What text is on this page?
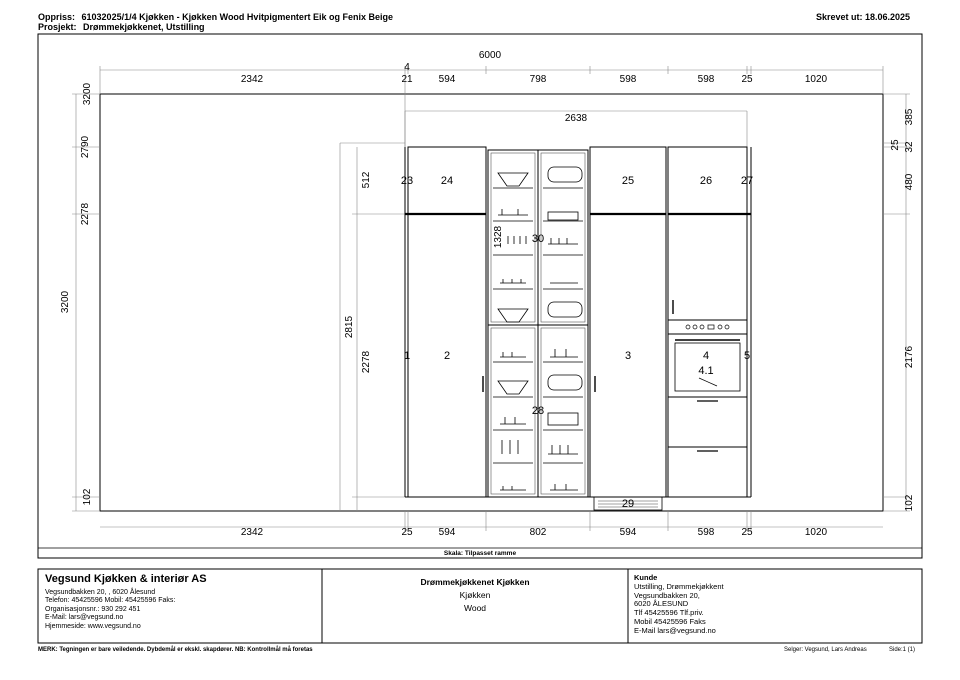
Oppriss: 61032025/1/4 Kjøkken - Kjøkken Wood Hvitpigmentert Eik og Fenix Beige
Prosjekt: Drømmekjøkkenet, Utstilling
Skrevet ut: 18.06.2025
6000
4
2342	21	594	798	598	598	25	1020
2638
2342	25	594	802	594	598	25	1020
3200
2790
2278
3200
102
512
2815
2278
1328
385
25 32
480
2176
102
1	2	3	4
4.1
5
23	24	25	26	27
28
29
30
Skala: Tilpasset ramme
Vegsund Kjøkken & interiør AS
Vegsundbakken 20, , 6020 Ålesund
Telefon: 45425596 Mobil: 45425596 Faks:
Organisasjonsnr.: 930 292 451
E-Mail: lars@vegsund.no
Hjemmeside: www.vegsund.no
Drømmekjøkkenet Kjøkken
Kjøkken
Wood
Kunde
Utstilling, Drømmekjøkkent
Vegsundbakken 20,
6020 ÅLESUND
Tlf 45425596 Tlf.priv.
Mobil 45425596 Faks
E-Mail lars@vegsund.no
MERK: Tegningen er bare veiledende. Dybdemål er ekskl. skapdører. NB: Kontrollmål må foretas	Selger: Vegsund, Lars Andreas	Side:1 (1)
